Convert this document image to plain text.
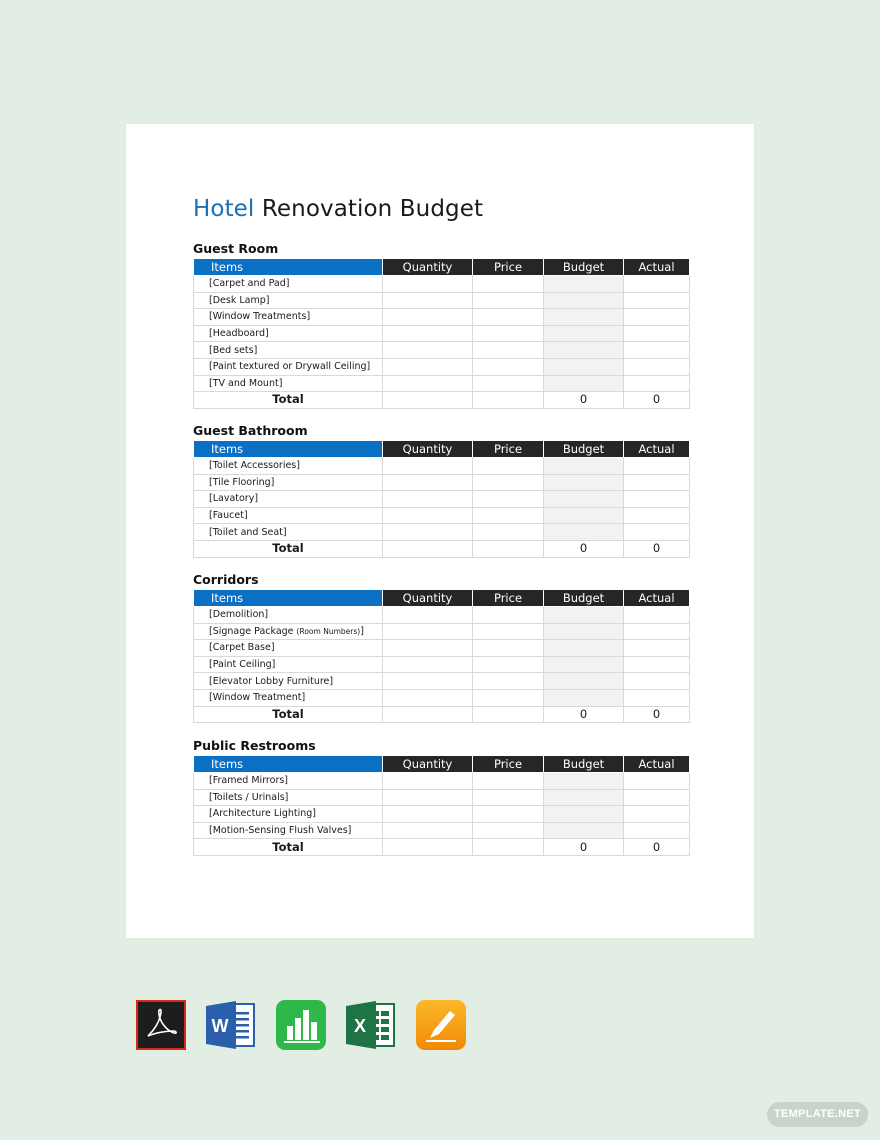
Hotel Renovation Budget
Guest Room
Items	Quantity	Price	Budget	Actual
[Carpet and Pad]				
[Desk Lamp]				
[Window Treatments]				
[Headboard]				
[Bed sets]				
[Paint textured or Drywall Ceiling]				
[TV and Mount]				
Total			0	0
Guest Bathroom
Items	Quantity	Price	Budget	Actual
[Toilet Accessories]				
[Tile Flooring]				
[Lavatory]				
[Faucet]				
[Toilet and Seat]				
Total			0	0
Corridors
Items	Quantity	Price	Budget	Actual
[Demolition]				
[Signage Package (Room Numbers)]				
[Carpet Base]				
[Paint Ceiling]				
[Elevator Lobby Furniture]				
[Window Treatment]				
Total			0	0
Public Restrooms
Items	Quantity	Price	Budget	Actual
[Framed Mirrors]				
[Toilets / Urinals]				
[Architecture Lighting]				
[Motion-Sensing Flush Valves]				
Total			0	0
W	X
TEMPLATE.NET
